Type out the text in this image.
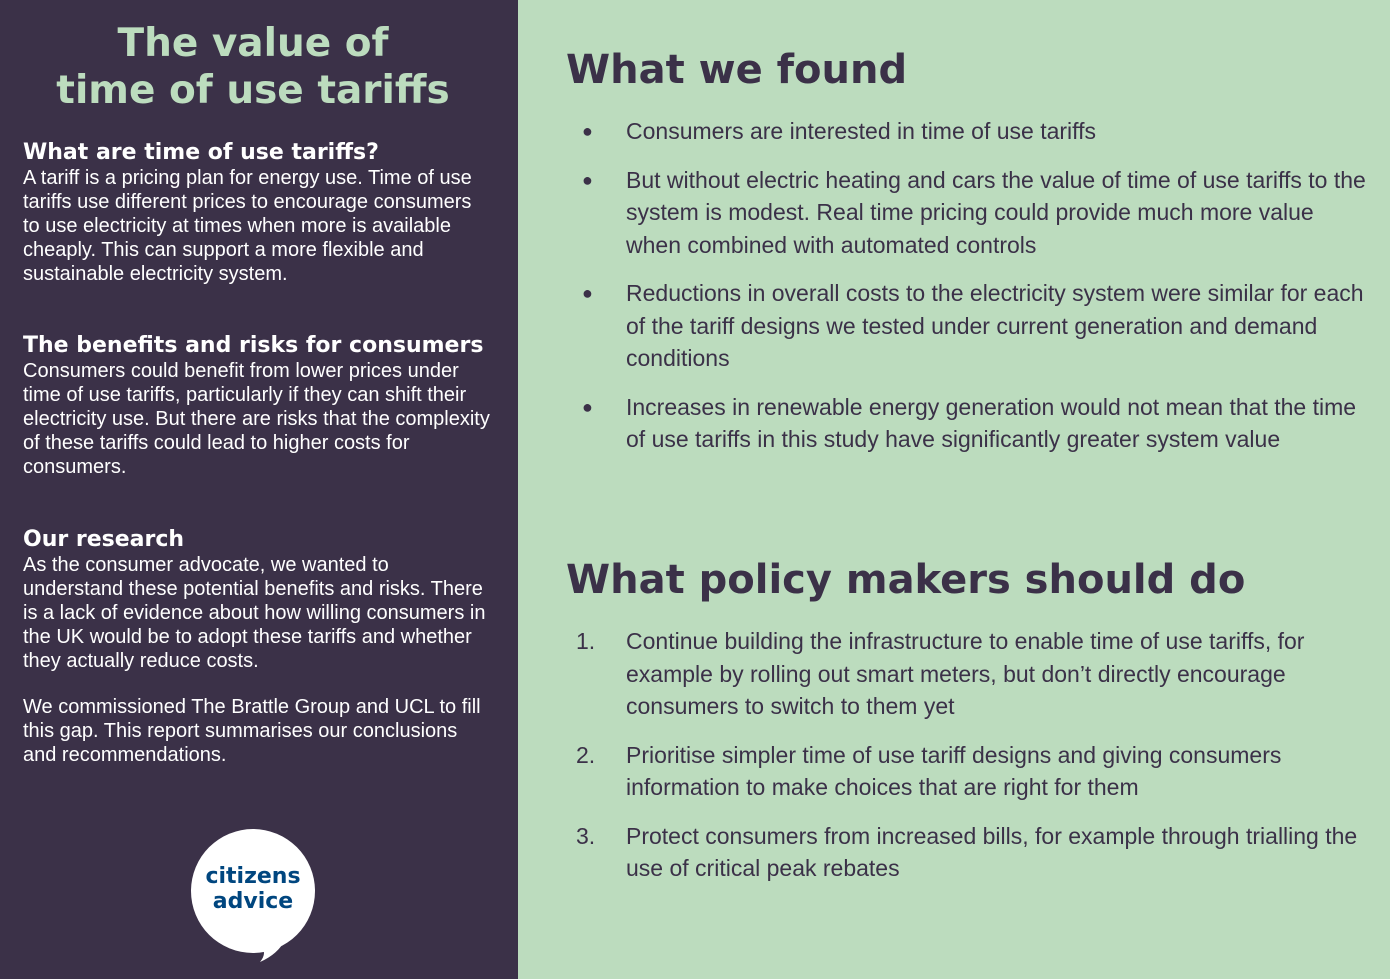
The value of
time of use tariffs
What are time of use tariffs?

A tariff is a pricing plan for energy use. Time of use tariffs use different prices to encourage consumers to use electricity at times when more is available cheaply. This can support a more flexible and sustainable electricity system.

The benefits and risks for consumers

Consumers could benefit from lower prices under time of use tariffs, particularly if they can shift their electricity use. But there are risks that the complexity of these tariffs could lead to higher costs for consumers.

Our research

As the consumer advocate, we wanted to understand these potential benefits and risks. There is a lack of evidence about how willing consumers in the UK would be to adopt these tariffs and whether they actually reduce costs.

We commissioned The Brattle Group and UCL to fill this gap. This report summarises our conclusions and recommendations.

citizens
advice
What we found
●	Consumers are interested in time of use tariffs
●	But without electric heating and cars the value of time of use tariffs to the system is modest. Real time pricing could provide much more value when combined with automated controls
●	Reductions in overall costs to the electricity system were similar for each of the tariff designs we tested under current generation and demand conditions
●	Increases in renewable energy generation would not mean that the time of use tariffs in this study have significantly greater system value
What policy makers should do
1.	Continue building the infrastructure to enable time of use tariffs, for example by rolling out smart meters, but don’t directly encourage consumers to switch to them yet
2.	Prioritise simpler time of use tariff designs and giving consumers information to make choices that are right for them
3.	Protect consumers from increased bills, for example through trialling the use of critical peak rebates
